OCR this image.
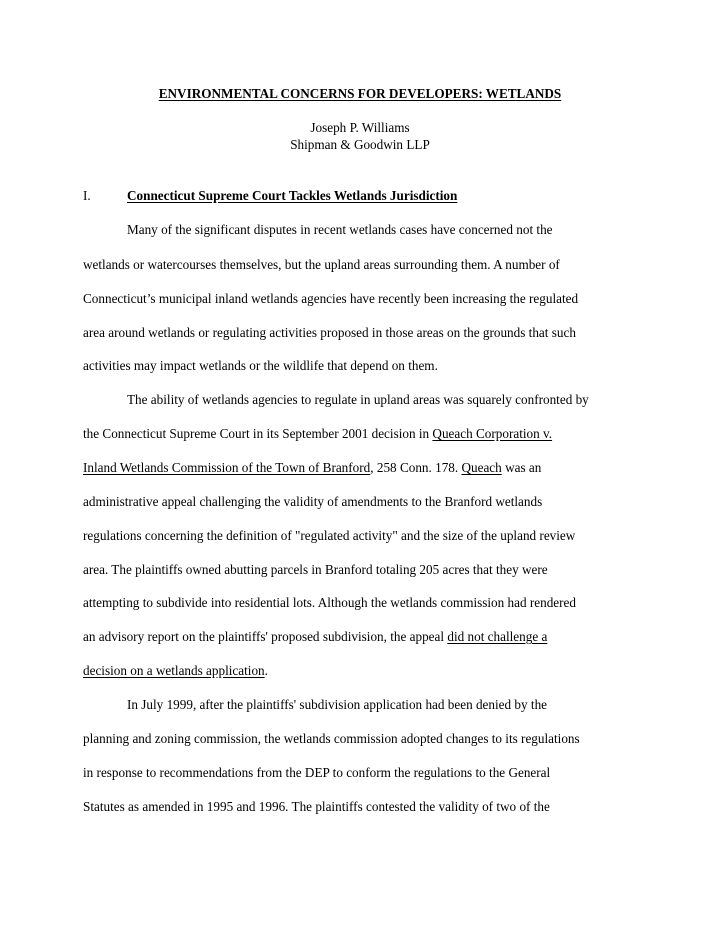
ENVIRONMENTAL CONCERNS FOR DEVELOPERS: WETLANDS
Joseph P. Williams
Shipman & Goodwin LLP
I.	Connecticut Supreme Court Tackles Wetlands Jurisdiction
Many of the significant disputes in recent wetlands cases have concerned not the
wetlands or watercourses themselves, but the upland areas surrounding them. A number of
Connecticut’s municipal inland wetlands agencies have recently been increasing the regulated
area around wetlands or regulating activities proposed in those areas on the grounds that such
activities may impact wetlands or the wildlife that depend on them.
The ability of wetlands agencies to regulate in upland areas was squarely confronted by
the Connecticut Supreme Court in its September 2001 decision in Queach Corporation v.
Inland Wetlands Commission of the Town of Branford, 258 Conn. 178. Queach was an
administrative appeal challenging the validity of amendments to the Branford wetlands
regulations concerning the definition of "regulated activity" and the size of the upland review
area. The plaintiffs owned abutting parcels in Branford totaling 205 acres that they were
attempting to subdivide into residential lots. Although the wetlands commission had rendered
an advisory report on the plaintiffs' proposed subdivision, the appeal did not challenge a
decision on a wetlands application.
In July 1999, after the plaintiffs' subdivision application had been denied by the
planning and zoning commission, the wetlands commission adopted changes to its regulations
in response to recommendations from the DEP to conform the regulations to the General
Statutes as amended in 1995 and 1996. The plaintiffs contested the validity of two of the
